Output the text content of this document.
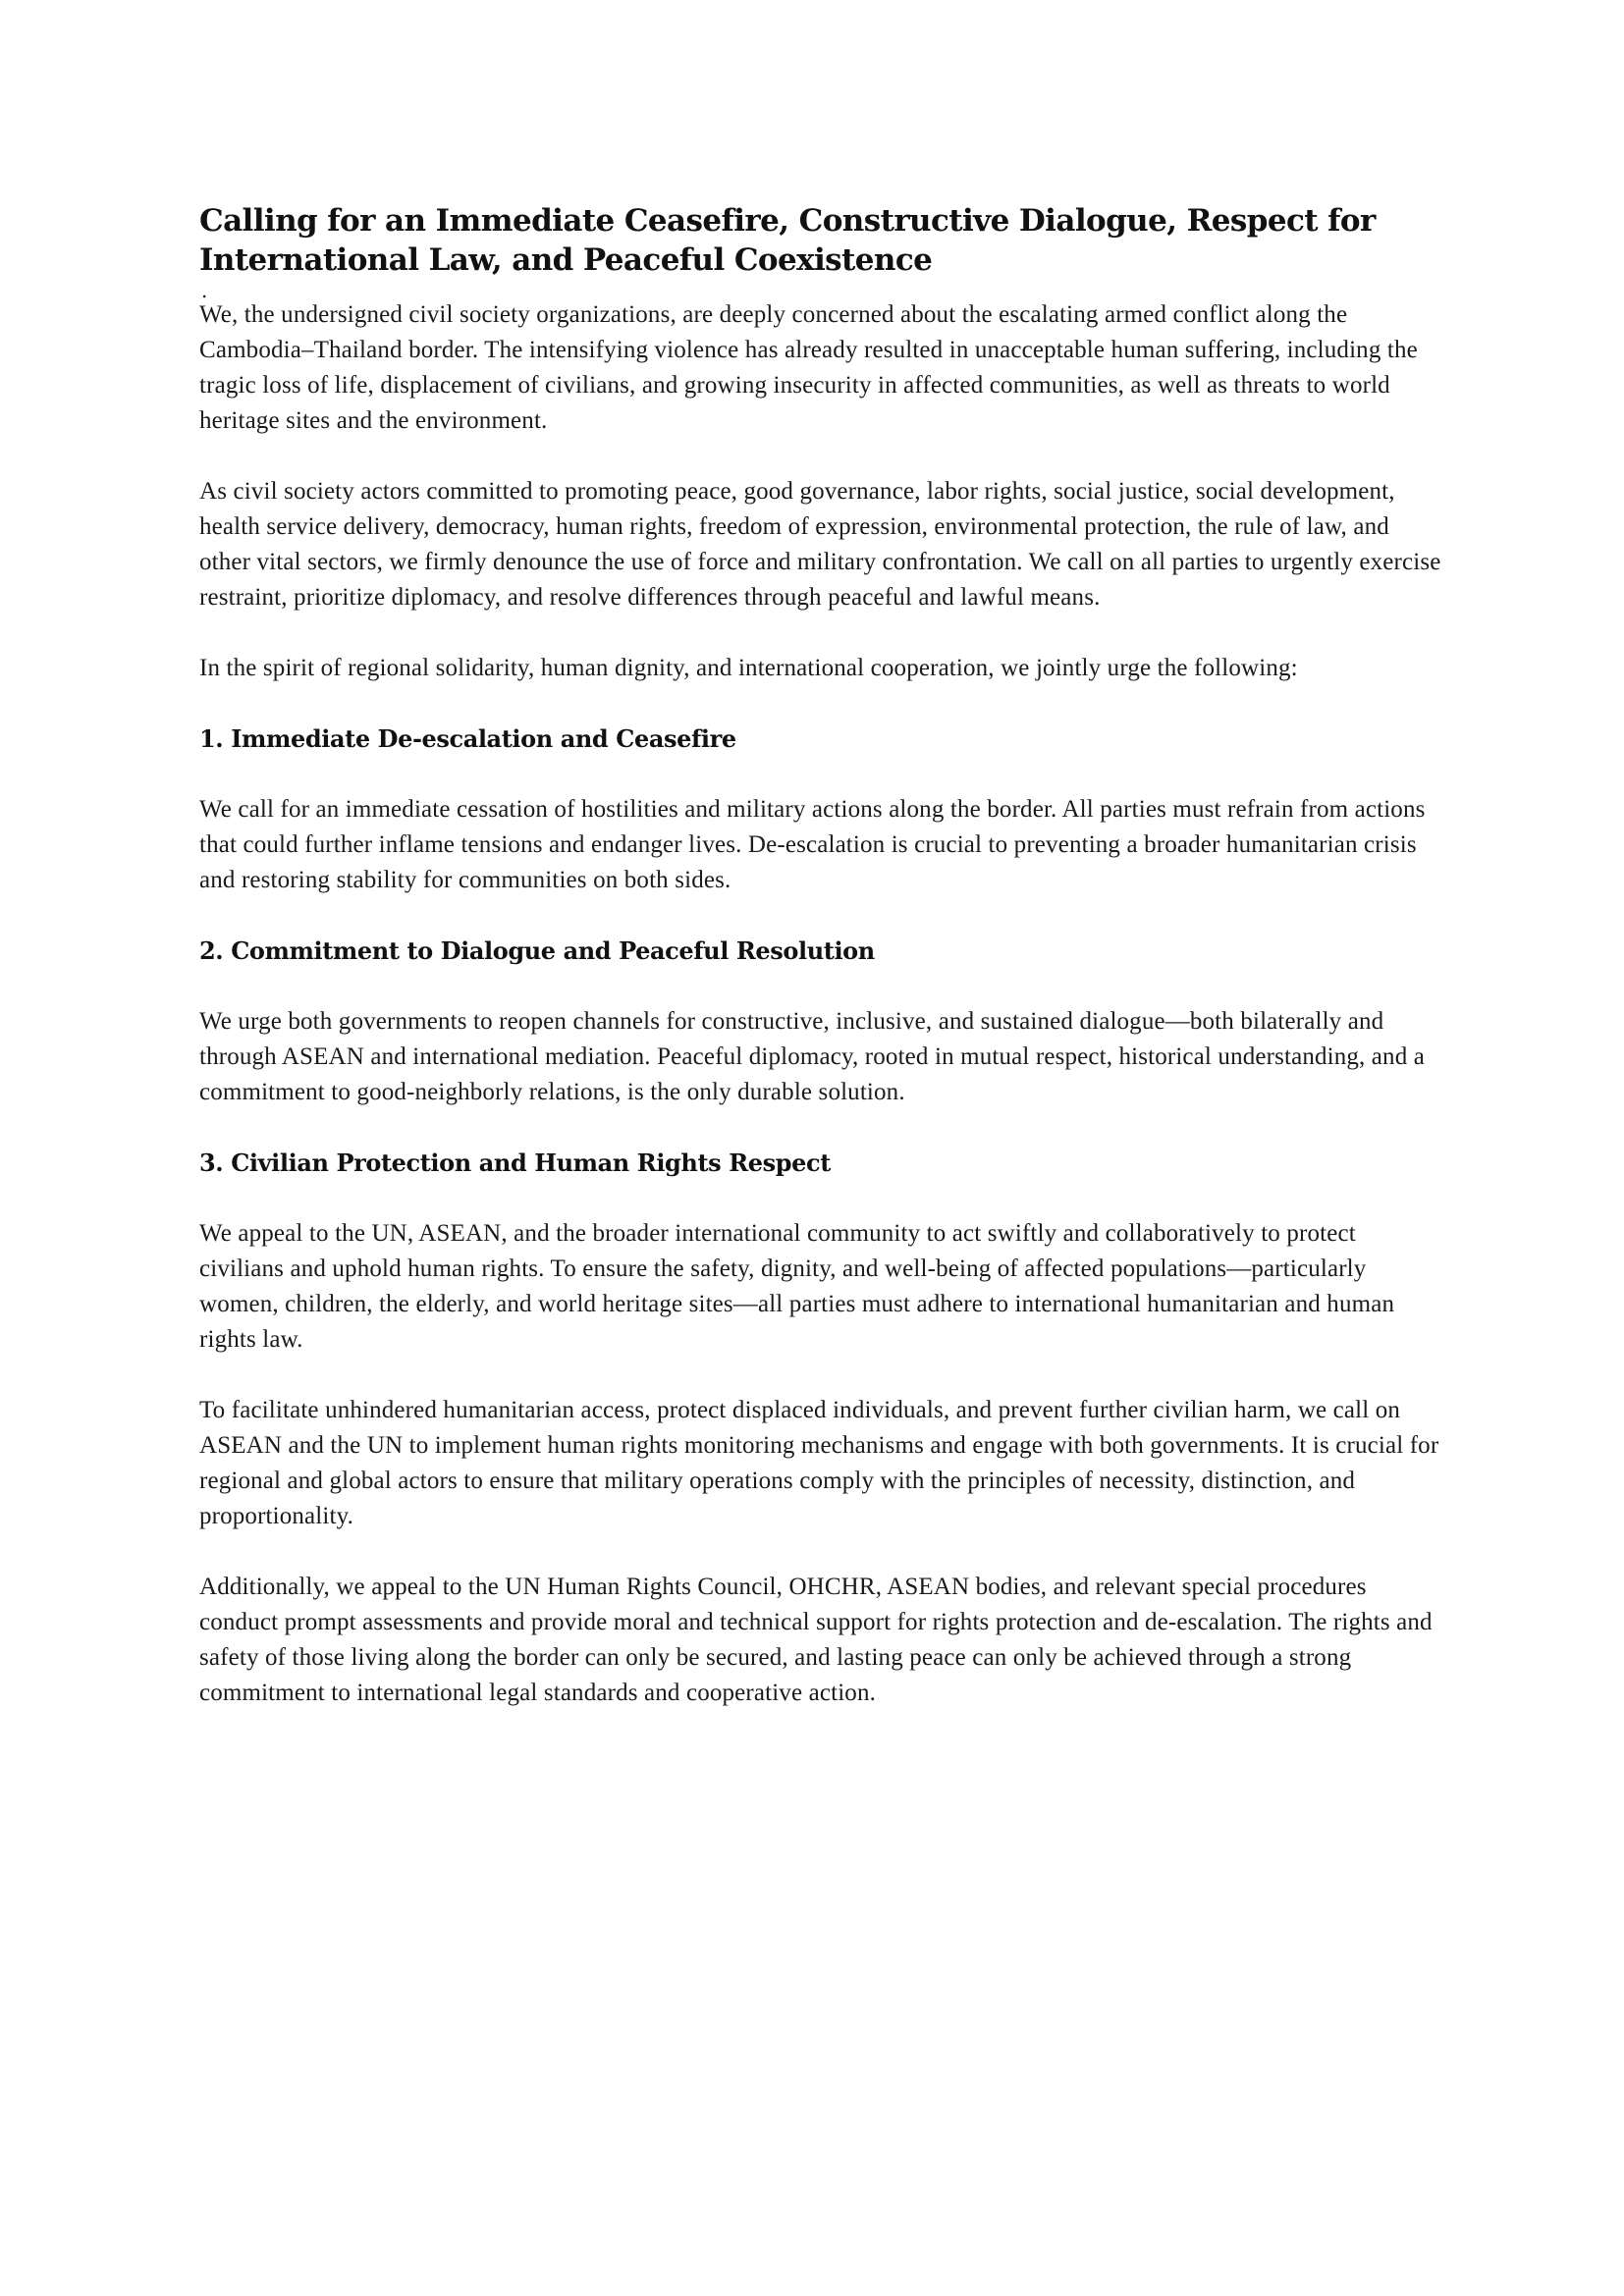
Calling for an Immediate Ceasefire, Constructive Dialogue, Respect for International Law, and Peaceful Coexistence
.

We, the undersigned civil society organizations, are deeply concerned about the escalating armed conflict along the Cambodia–Thailand border. The intensifying violence has already resulted in unacceptable human suffering, including the tragic loss of life, displacement of civilians, and growing insecurity in affected communities, as well as threats to world heritage sites and the environment.

As civil society actors committed to promoting peace, good governance, labor rights, social justice, social development, health service delivery, democracy, human rights, freedom of expression, environmental protection, the rule of law, and other vital sectors, we firmly denounce the use of force and military confrontation. We call on all parties to urgently exercise restraint, prioritize diplomacy, and resolve differences through peaceful and lawful means.

In the spirit of regional solidarity, human dignity, and international cooperation, we jointly urge the following:

1. Immediate De-escalation and Ceasefire

We call for an immediate cessation of hostilities and military actions along the border. All parties must refrain from actions that could further inflame tensions and endanger lives. De-escalation is crucial to preventing a broader humanitarian crisis and restoring stability for communities on both sides.

2. Commitment to Dialogue and Peaceful Resolution

We urge both governments to reopen channels for constructive, inclusive, and sustained dialogue—both bilaterally and through ASEAN and international mediation. Peaceful diplomacy, rooted in mutual respect, historical understanding, and a commitment to good-neighborly relations, is the only durable solution.

3. Civilian Protection and Human Rights Respect

We appeal to the UN, ASEAN, and the broader international community to act swiftly and collaboratively to protect civilians and uphold human rights. To ensure the safety, dignity, and well-being of affected populations—particularly women, children, the elderly, and world heritage sites—all parties must adhere to international humanitarian and human rights law.

To facilitate unhindered humanitarian access, protect displaced individuals, and prevent further civilian harm, we call on ASEAN and the UN to implement human rights monitoring mechanisms and engage with both governments. It is crucial for regional and global actors to ensure that military operations comply with the principles of necessity, distinction, and proportionality.

Additionally, we appeal to the UN Human Rights Council, OHCHR, ASEAN bodies, and relevant special procedures conduct prompt assessments and provide moral and technical support for rights protection and de-escalation. The rights and safety of those living along the border can only be secured, and lasting peace can only be achieved through a strong commitment to international legal standards and cooperative action.
